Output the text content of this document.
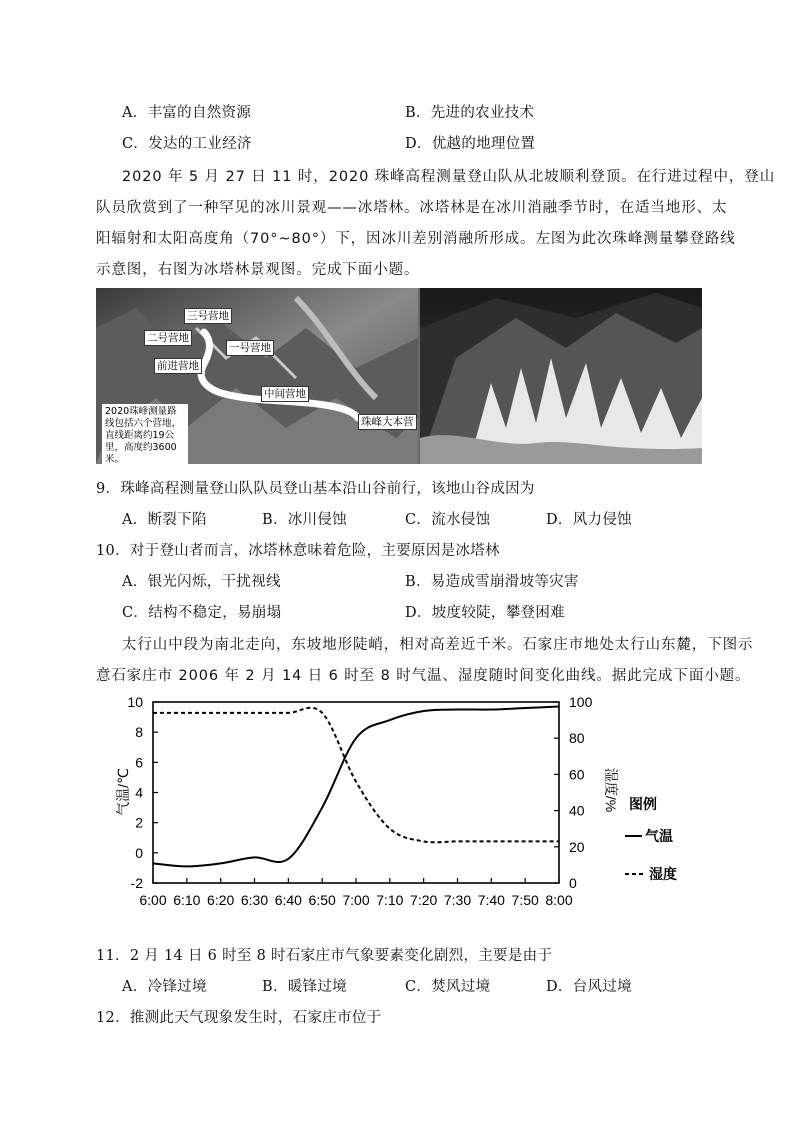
A．丰富的自然资源	B．先进的农业技术
C．发达的工业经济	D．优越的地理位置
2020 年 5 月 27 日 11 时，2020 珠峰高程测量登山队从北坡顺利登顶。在行进过程中，登山
队员欣赏到了一种罕见的冰川景观——冰塔林。冰塔林是在冰川消融季节时，在适当地形、太
阳辐射和太阳高度角（70°~80°）下，因冰川差别消融所形成。左图为此次珠峰测量攀登路线
示意图，右图为冰塔林景观图。完成下面小题。
三号营地
二号营地
一号营地
前进营地
中间营地
珠峰大本营
2020珠峰测量路线包括六个营地，直线距离约19公里，高度约3600米。
9．珠峰高程测量登山队队员登山基本沿山谷前行，该地山谷成因为
A．断裂下陷	B．冰川侵蚀	C．流水侵蚀	D．风力侵蚀
10．对于登山者而言，冰塔林意味着危险，主要原因是冰塔林
A．银光闪烁，干扰视线	B．易造成雪崩滑坡等灾害
C．结构不稳定，易崩塌	D．坡度较陡，攀登困难
太行山中段为南北走向，东坡地形陡峭，相对高差近千米。石家庄市地处太行山东麓，下图示
意石家庄市 2006 年 2 月 14 日 6 时至 8 时气温、湿度随时间变化曲线。据此完成下面小题。
10
8
6
4
2
0
-2
100
80
60
40
20
0
6:00 6:10 6:20 6:30 6:40 6:50 7:00 7:10 7:20 7:30 7:40 7:50 8:00
气温/℃	湿度/% 图例
气温
湿度
11．2 月 14 日 6 时至 8 时石家庄市气象要素变化剧烈，主要是由于
A．冷锋过境	B．暖锋过境	C．焚风过境	D．台风过境
12．推测此天气现象发生时，石家庄市位于
